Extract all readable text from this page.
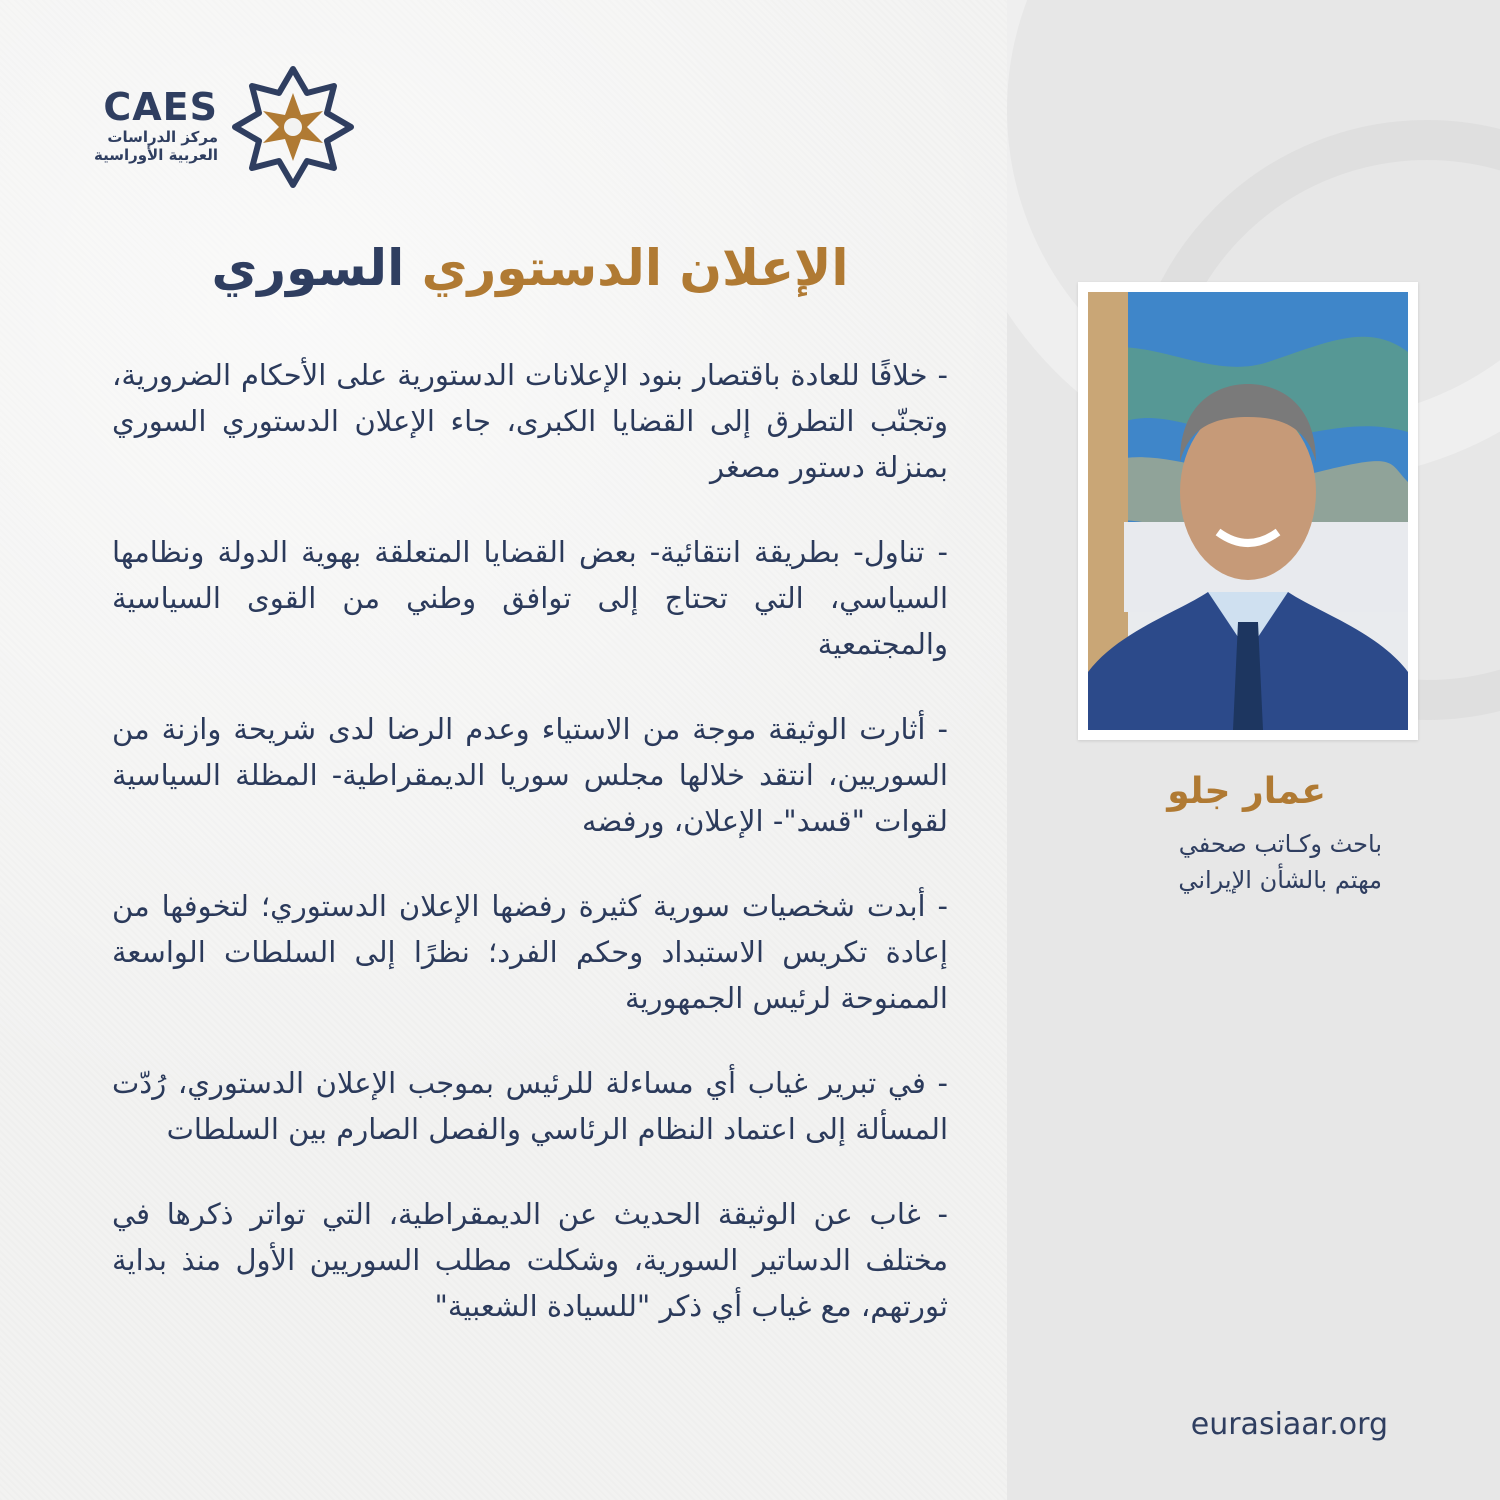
CAES
مركز الدراسات
العربية الأوراسية
الإعلان الدستوري السوري

- خلافًا للعادة باقتصار بنود الإعلانات الدستورية على الأحكام الضرورية، وتجنّب التطرق إلى القضايا الكبرى، جاء الإعلان الدستوري السوري بمنزلة دستور مصغر

- تناول- بطريقة انتقائية- بعض القضايا المتعلقة بهوية الدولة ونظامها السياسي، التي تحتاج إلى توافق وطني من القوى السياسية والمجتمعية

- أثارت الوثيقة موجة من الاستياء وعدم الرضا لدى شريحة وازنة من السوريين، انتقد خلالها مجلس سوريا الديمقراطية- المظلة السياسية لقوات "قسد"- الإعلان، ورفضه

- أبدت شخصيات سورية كثيرة رفضها الإعلان الدستوري؛ لتخوفها من إعادة تكريس الاستبداد وحكم الفرد؛ نظرًا إلى السلطات الواسعة الممنوحة لرئيس الجمهورية

- في تبرير غياب أي مساءلة للرئيس بموجب الإعلان الدستوري، رُدّت المسألة إلى اعتماد النظام الرئاسي والفصل الصارم بين السلطات

- غاب عن الوثيقة الحديث عن الديمقراطية، التي تواتر ذكرها في مختلف الدساتير السورية، وشكلت مطلب السوريين الأول منذ بداية ثورتهم، مع غياب أي ذكر "للسيادة الشعبية"

عمار جلو
باحث وكـاتب صحفي
مهتم بالشأن الإيراني
eurasiaar.org
